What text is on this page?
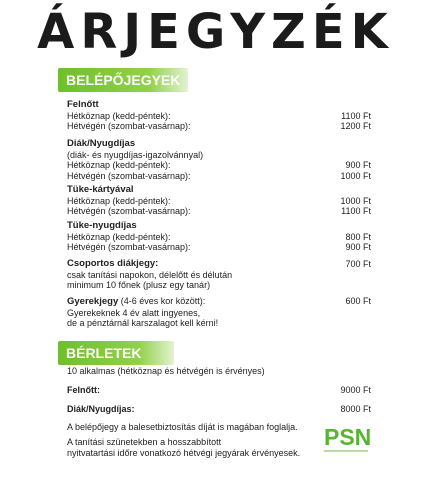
ÁRJEGYZÉK
BELÉPŐJEGYEK
Felnőtt
Hétköznap (kedd-péntek):	1100 Ft
Hétvégén (szombat-vasárnap):	1200 Ft
Diák/Nyugdíjas
(diák- és nyugdíjas-igazolvánnyal)
Hétköznap (kedd-péntek):	900 Ft
Hétvégén (szombat-vasárnap):	1000 Ft
Tüke-kártyával
Hétköznap (kedd-péntek):	1000 Ft
Hétvégén (szombat-vasárnap):	1100 Ft
Tüke-nyugdíjas
Hétköznap (kedd-péntek):	800 Ft
Hétvégén (szombat-vasárnap):	900 Ft
Csoportos diákjegy:	700 Ft
csak tanítási napokon, délelőtt és délután
minimum 10 főnek (plusz egy tanár)
Gyerekjegy (4-6 éves kor között):	600 Ft
Gyerekeknek 4 év alatt ingyenes,
de a pénztárnál karszalagot kell kérni!
BÉRLETEK
10 alkalmas (hétköznap és hétvégén is érvényes)
Felnőtt:	9000 Ft
Diák/Nyugdíjas:	8000 Ft
A belépőjegy a balesetbiztosítás díját is magában foglalja.
A tanítási szünetekben a hosszabbított
nyitvatartási időre vonatkozó hétvégi jegyárak érvényesek.
PSN
